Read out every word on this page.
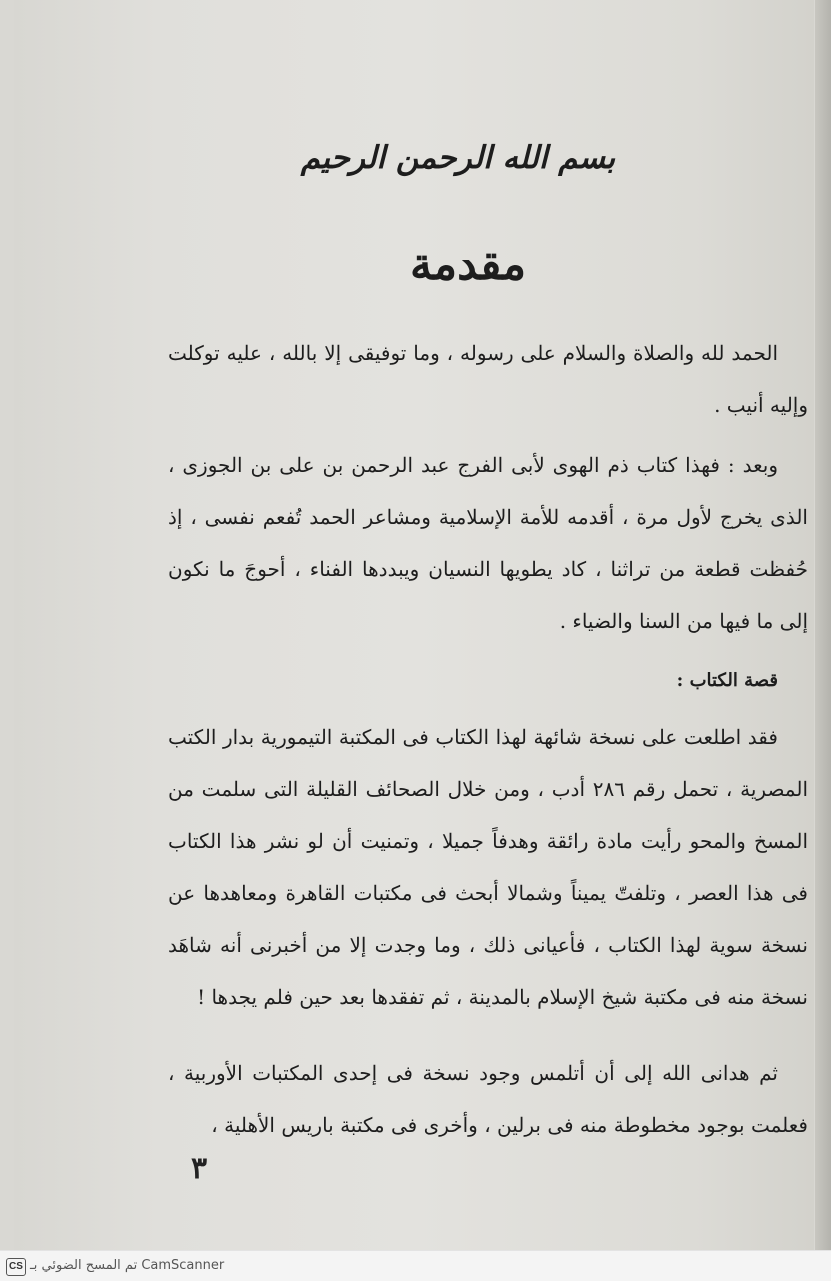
بسم الله الرحمن الرحيم
مقدمة
الحمد لله والصلاة والسلام على رسوله ، وما توفيقى إلا بالله ، عليه توكلت وإليه أنيب .
وبعد : فهذا كتاب ذم الهوى لأبى الفرج عبد الرحمن بن على بن الجوزى ، الذى يخرج لأول مرة ، أقدمه للأمة الإسلامية ومشاعر الحمد تُفعم نفسى ، إذ حُفظت قطعة من تراثنا ، كاد يطويها النسيان ويبددها الفناء ، أحوجَ ما نكون إلى ما فيها من السنا والضياء .
قصة الكتاب :
فقد اطلعت على نسخة شائهة لهذا الكتاب فى المكتبة التيمورية بدار الكتب المصرية ، تحمل رقم ٢٨٦ أدب ، ومن خلال الصحائف القليلة التى سلمت من المسخ والمحو رأيت مادة رائقة وهدفاً جميلا ، وتمنيت أن لو نشر هذا الكتاب فى هذا العصر ، وتلفتّ يميناً وشمالا أبحث فى مكتبات القاهرة ومعاهدها عن نسخة سوية لهذا الكتاب ، فأعيانى ذلك ، وما وجدت إلا من أخبرنى أنه شاهَد نسخة منه فى مكتبة شيخ الإسلام بالمدينة ، ثم تفقدها بعد حين فلم يجدها !
ثم هدانى الله إلى أن أتلمس وجود نسخة فى إحدى المكتبات الأوربية ، فعلمت بوجود مخطوطة منه فى برلين ، وأخرى فى مكتبة باريس الأهلية ،
٣
CS تم المسح الضوئي بـ CamScanner
